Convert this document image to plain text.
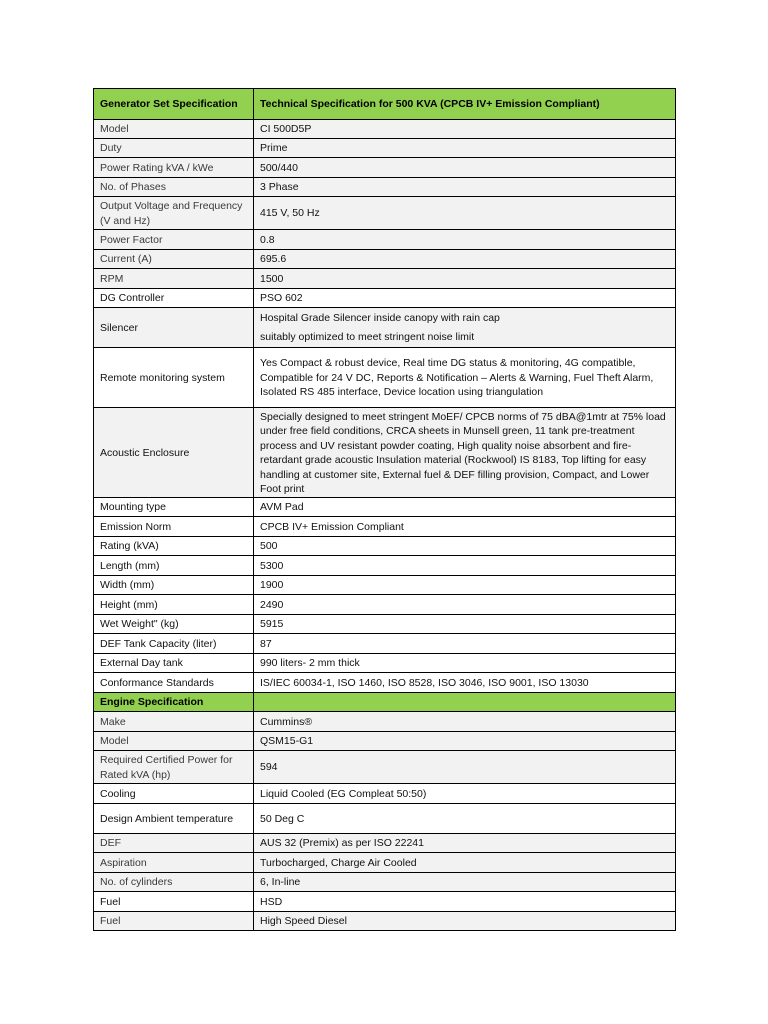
Generator Set Specification	Technical Specification for 500 KVA (CPCB IV+ Emission Compliant)
Model	CI 500D5P
Duty	Prime
Power Rating kVA / kWe	500/440
No. of Phases	3 Phase
Output Voltage and Frequency (V and Hz)	415 V, 50 Hz
Power Factor	0.8
Current (A)	695.6
RPM	1500
DG Controller	PSO 602
Silencer	Hospital Grade Silencer inside canopy with rain cap
suitably optimized to meet stringent noise limit

Remote monitoring system	Yes Compact & robust device, Real time DG status & monitoring, 4G compatible, Compatible for 24 V DC, Reports & Notification – Alerts & Warning, Fuel Theft Alarm, Isolated RS 485 interface, Device location using triangulation
Acoustic Enclosure	Specially designed to meet stringent MoEF/ CPCB norms of 75 dBA@1mtr at 75% load under free field conditions, CRCA sheets in Munsell green, 11 tank pre-treatment process and UV resistant powder coating, High quality noise absorbent and fire-retardant grade acoustic Insulation material (Rockwool) IS 8183, Top lifting for easy handling at customer site, External fuel & DEF filling provision, Compact, and Lower Foot print
Mounting type	AVM Pad
Emission Norm	CPCB IV+ Emission Compliant
Rating (kVA)	500
Length (mm)	5300
Width (mm)	1900
Height (mm)	2490
Wet Weight" (kg)	5915
DEF Tank Capacity (liter)	87
External Day tank	990 liters- 2 mm thick
Conformance Standards	IS/IEC 60034-1, ISO 1460, ISO 8528, ISO 3046, ISO 9001, ISO 13030
Engine Specification	
Make	Cummins®
Model	QSM15-G1
Required Certified Power for Rated kVA (hp)	594
Cooling	Liquid Cooled (EG Compleat 50:50)
Design Ambient temperature	50 Deg C
DEF	AUS 32 (Premix) as per ISO 22241
Aspiration	Turbocharged, Charge Air Cooled
No. of cylinders	6, In-line
Fuel	HSD
Fuel	High Speed Diesel
